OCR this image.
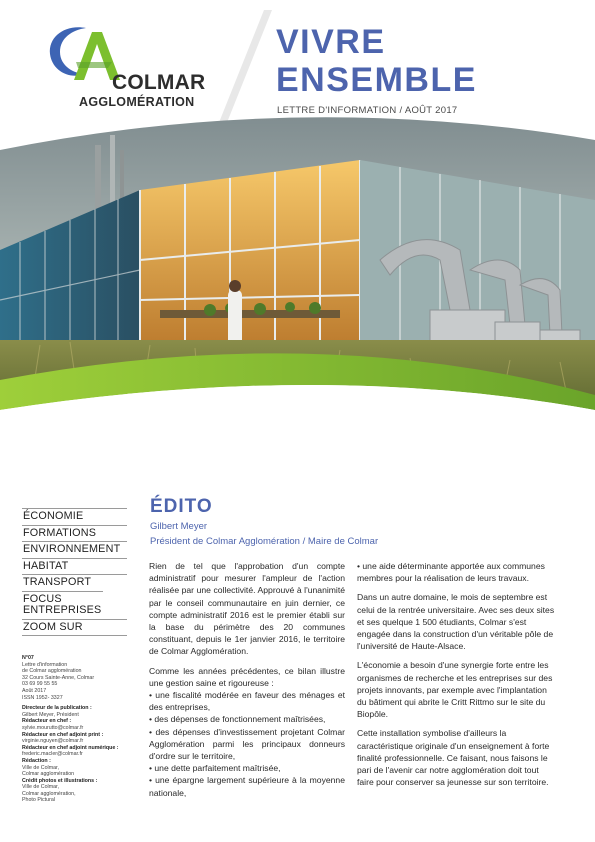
COLMAR
AGGLOMÉRATION
VIVRE
ENSEMBLE
LETTRE D'INFORMATION / AOÛT 2017
ÉCONOMIE
FORMATIONS
ENVIRONNEMENT
HABITAT
TRANSPORT
FOCUS ENTREPRISES
ZOOM SUR
N°07
Lettre d'information
de Colmar agglomération
32 Cours Sainte-Anne, Colmar
03 69 99 55 55
Août 2017
ISSN 1952- 3327
Directeur de la publication :
Gilbert Meyer, Président
Rédacteur en chef :
sylvie.mourutto@colmar.fr
Rédacteur en chef adjoint print :
virginie.nguyen@colmar.fr
Rédacteur en chef adjoint numérique :
frederic.macler@colmar.fr
Rédaction :
Ville de Colmar,
Colmar agglomération
Crédit photos et illustrations :
Ville de Colmar,
Colmar agglomération,
Photo Pictural
ÉDITO
Gilbert Meyer
Président de Colmar Agglomération / Maire de Colmar

Rien de tel que l'approbation d'un compte administratif pour mesurer l'ampleur de l'action réalisée par une collectivité. Approuvé à l'unanimité par le conseil communautaire en juin dernier, ce compte administratif 2016 est le premier établi sur la base du périmètre des 20 communes constituant, depuis le 1er janvier 2016, le territoire de Colmar Agglomération.

Comme les années précédentes, ce bilan illustre une gestion saine et rigoureuse :

• une fiscalité modérée en faveur des ménages et des entreprises,
• des dépenses de fonctionnement maîtrisées,
• des dépenses d'investissement projetant Colmar Agglomération parmi les principaux donneurs d'ordre sur le territoire,
• une dette parfaitement maîtrisée,
• une épargne largement supérieure à la moyenne nationale,
• une aide déterminante apportée aux communes membres pour la réalisation de leurs travaux.

Dans un autre domaine, le mois de septembre est celui de la rentrée universitaire. Avec ses deux sites et ses quelque 1 500 étudiants, Colmar s'est engagée dans la construction d'un véritable pôle de l'université de Haute-Alsace.

L'économie a besoin d'une synergie forte entre les organismes de recherche et les entreprises sur des projets innovants, par exemple avec l'implantation du bâtiment qui abrite le Critt Rittmo sur le site du Biopôle.

Cette installation symbolise d'ailleurs la caractéristique originale d'un enseignement à forte finalité professionnelle. Ce faisant, nous faisons le pari de l'avenir car notre agglomération doit tout faire pour conserver sa jeunesse sur son territoire.
